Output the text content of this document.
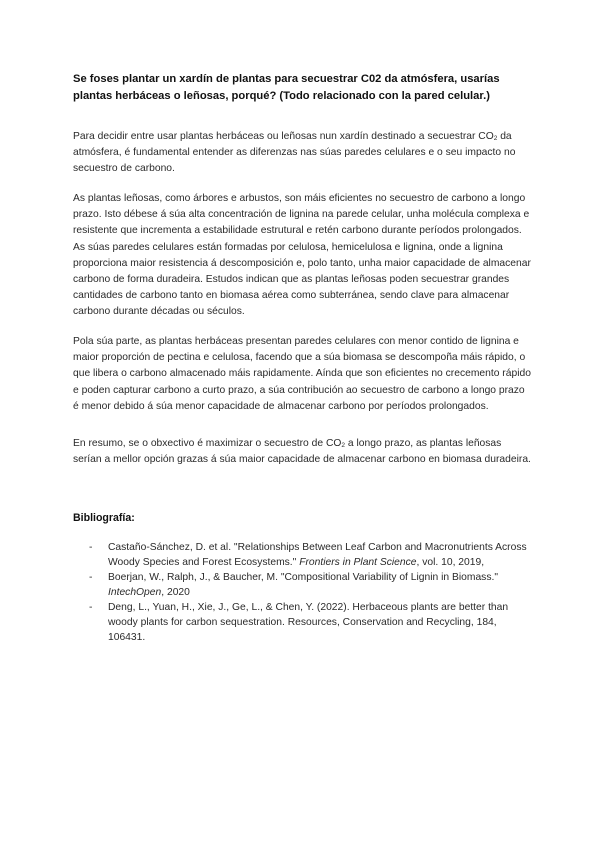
Se foses plantar un xardín de plantas para secuestrar C02 da atmósfera, usarías plantas herbáceas o leñosas, porqué? (Todo relacionado con la pared celular.)

Para decidir entre usar plantas herbáceas ou leñosas nun xardín destinado a secuestrar $CO_2$ da atmósfera, é fundamental entender as diferenzas nas súas paredes celulares e o seu impacto no secuestro de carbono.

As plantas leñosas, como árbores e arbustos, son máis eficientes no secuestro de carbono a longo prazo. Isto débese á súa alta concentración de lignina na parede celular, unha molécula complexa e resistente que incrementa a estabilidade estrutural e retén carbono durante períodos prolongados. As súas paredes celulares están formadas por celulosa, hemicelulosa e lignina, onde a lignina proporciona maior resistencia á descomposición e, polo tanto, unha maior capacidade de almacenar carbono de forma duradeira. Estudos indican que as plantas leñosas poden secuestrar grandes cantidades de carbono tanto en biomasa aérea como subterránea, sendo clave para almacenar carbono durante décadas ou séculos.

Pola súa parte, as plantas herbáceas presentan paredes celulares con menor contido de lignina e maior proporción de pectina e celulosa, facendo que a súa biomasa se descompoña máis rápido, o que libera o carbono almacenado máis rapidamente. Aínda que son eficientes no crecemento rápido e poden capturar carbono a curto prazo, a súa contribución ao secuestro de carbono a longo prazo é menor debido á súa menor capacidade de almacenar carbono por períodos prolongados.

En resumo, se o obxectivo é maximizar o secuestro de $CO_2$ a longo prazo, as plantas leñosas serían a mellor opción grazas á súa maior capacidade de almacenar carbono en biomasa duradeira.

Bibliografía:

- Castaño-Sánchez, D. et al. "Relationships Between Leaf Carbon and Macronutrients Across Woody Species and Forest Ecosystems." Frontiers in Plant Science, vol. 10, 2019,
- Boerjan, W., Ralph, J., & Baucher, M. "Compositional Variability of Lignin in Biomass." IntechOpen, 2020
- Deng, L., Yuan, H., Xie, J., Ge, L., & Chen, Y. (2022). Herbaceous plants are better than woody plants for carbon sequestration. Resources, Conservation and Recycling, 184, 106431.
